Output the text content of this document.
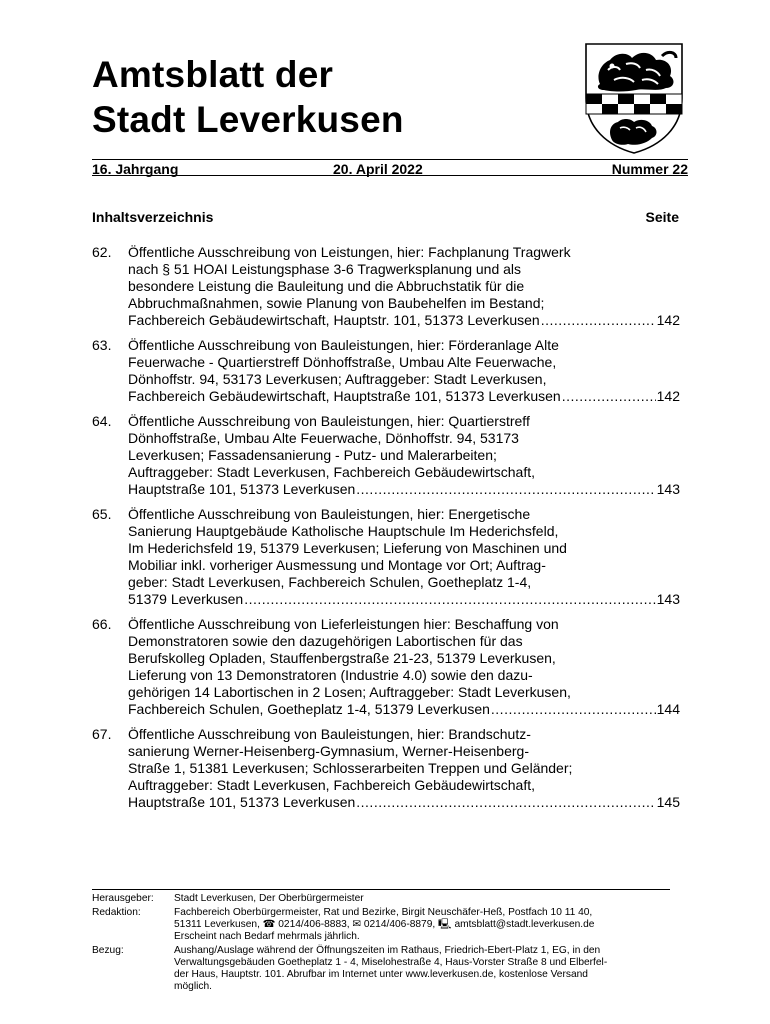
Amtsblatt der
Stadt Leverkusen
16. Jahrgang	20. April 2022	Nummer 22
Inhaltsverzeichnis	Seite
62. Öffentliche Ausschreibung von Leistungen, hier: Fachplanung Tragwerk
nach § 51 HOAI Leistungsphase 3-6 Tragwerksplanung und als
besondere Leistung die Bauleitung und die Abbruchstatik für die
Abbruchmaßnahmen, sowie Planung von Baubehelfen im Bestand;
Fachbereich Gebäudewirtschaft, Hauptstr. 101, 51373 Leverkusen .....	142
63. Öffentliche Ausschreibung von Bauleistungen, hier: Förderanlage Alte
Feuerwache - Quartierstreff Dönhoffstraße, Umbau Alte Feuerwache,
Dönhoffstr. 94, 53173 Leverkusen; Auftraggeber: Stadt Leverkusen,
Fachbereich Gebäudewirtschaft, Hauptstraße 101, 51373 Leverkusen .....	142
64. Öffentliche Ausschreibung von Bauleistungen, hier: Quartierstreff
Dönhoffstraße, Umbau Alte Feuerwache, Dönhoffstr. 94, 53173
Leverkusen; Fassadensanierung - Putz- und Malerarbeiten;
Auftraggeber: Stadt Leverkusen, Fachbereich Gebäudewirtschaft,
Hauptstraße 101, 51373 Leverkusen .....	143
65. Öffentliche Ausschreibung von Bauleistungen, hier: Energetische
Sanierung Hauptgebäude Katholische Hauptschule Im Hederichsfeld,
Im Hederichsfeld 19, 51379 Leverkusen; Lieferung von Maschinen und
Mobiliar inkl. vorheriger Ausmessung und Montage vor Ort; Auftrag-
geber: Stadt Leverkusen, Fachbereich Schulen, Goetheplatz 1-4,
51379 Leverkusen .....	143
66. Öffentliche Ausschreibung von Lieferleistungen hier: Beschaffung von
Demonstratoren sowie den dazugehörigen Labortischen für das
Berufskolleg Opladen, Stauffenbergstraße 21-23, 51379 Leverkusen,
Lieferung von 13 Demonstratoren (Industrie 4.0) sowie den dazu-
gehörigen 14 Labortischen in 2 Losen; Auftraggeber: Stadt Leverkusen,
Fachbereich Schulen, Goetheplatz 1-4, 51379 Leverkusen .....	144
67. Öffentliche Ausschreibung von Bauleistungen, hier: Brandschutz-
sanierung Werner-Heisenberg-Gymnasium, Werner-Heisenberg-
Straße 1, 51381 Leverkusen; Schlosserarbeiten Treppen und Geländer;
Auftraggeber: Stadt Leverkusen, Fachbereich Gebäudewirtschaft,
Hauptstraße 101, 51373 Leverkusen .....	145
Herausgeber: Stadt Leverkusen, Der Oberbürgermeister
Redaktion:	Fachbereich Oberbürgermeister, Rat und Bezirke, Birgit Neuschäfer-Heß, Postfach 10 11 40,
51311 Leverkusen, ☎ 0214/406-8883, ✉ 0214/406-8879, 🖳 amtsblatt@stadt.leverkusen.de
Erscheint nach Bedarf mehrmals jährlich.
Bezug:	Aushang/Auslage während der Öffnungszeiten im Rathaus, Friedrich-Ebert-Platz 1, EG, in den
Verwaltungsgebäuden Goetheplatz 1 - 4, Miselohestraße 4, Haus-Vorster Straße 8 und Elberfel-
der Haus, Hauptstr. 101. Abrufbar im Internet unter www.leverkusen.de, kostenlose Versand
möglich.
